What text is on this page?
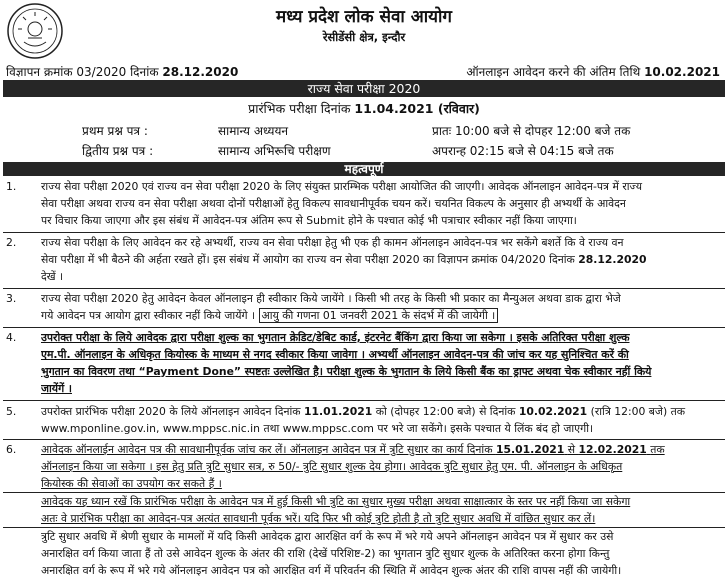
मध्य प्रदेश लोक सेवा आयोग
रेसीडेंसी क्षेत्र, इन्दौर
विज्ञापन क्रमांक 03/2020 दिनांक 28.12.2020	ऑनलाइन आवेदन करने की अंतिम तिथि 10.02.2021
राज्य सेवा परीक्षा 2020
प्रारंभिक परीक्षा दिनांक 11.04.2021 (रविवार)
प्रथम प्रश्न पत्र :	सामान्य अध्ययन	प्रातः 10:00 बजे से दोपहर 12:00 बजे तक
द्वितीय प्रश्न पत्र :	सामान्य अभिरूचि परीक्षण	अपरान्ह 02:15 बजे से 04:15 बजे तक
महत्वपूर्ण
1. राज्य सेवा परीक्षा 2020 एवं राज्य वन सेवा परीक्षा 2020 के लिए संयुक्त प्रारम्भिक परीक्षा आयोजित की जाएगी। आवेदक ऑनलाइन आवेदन-पत्र में राज्य
सेवा परीक्षा अथवा राज्य वन सेवा परीक्षा अथवा दोनों परीक्षाओं हेतु विकल्प सावधानीपूर्वक चयन करें। चयनित विकल्प के अनुसार ही अभ्यर्थी के आवेदन
पर विचार किया जाएगा और इस संबंध में आवेदन-पत्र अंतिम रूप से Submit होने के पश्चात कोई भी पत्राचार स्वीकार नहीं किया जाएगा।
2. राज्य सेवा परीक्षा के लिए आवेदन कर रहे अभ्यर्थी, राज्य वन सेवा परीक्षा हेतु भी एक ही कामन ऑनलाइन आवेदन-पत्र भर सकेंगे बशर्ते कि वे राज्य वन
सेवा परीक्षा में भी बैठने की अर्हता रखते हों। इस संबंध में आयोग का राज्य वन सेवा परीक्षा 2020 का विज्ञापन क्रमांक 04/2020 दिनांक 28.12.2020
देखें ।
3. राज्य सेवा परीक्षा 2020 हेतु आवेदन केवल ऑनलाइन ही स्वीकार किये जायेंगे । किसी भी तरह के किसी भी प्रकार का मैन्युअल अथवा डाक द्वारा भेजे
गये आवेदन पत्र आयोग द्वारा स्वीकार नहीं किये जायेंगे । आयु की गणना 01 जनवरी 2021 के संदर्भ में की जायेगी ।
4. उपरोक्त परीक्षा के लिये आवेदक द्वारा परीक्षा शुल्क का भुगतान क्रेडिट/डेबिट कार्ड, इंटरनेट बैंकिंग द्वारा किया जा सकेगा । इसके अतिरिक्त परीक्षा शुल्क
एम.पी. ऑनलाइन के अधिकृत कियोस्क के माध्यम से नगद स्वीकार किया जावेगा । अभ्यर्थी ऑनलाइन आवेदन-पत्र की जांच कर यह सुनिश्चित करें की
भुगतान का विवरण तथा “Payment Done” स्पष्टतः उल्लेखित है। परीक्षा शुल्क के भुगतान के लिये किसी बैंक का ड्राफ्ट अथवा चेक स्वीकार नहीं किये
जायेंगें ।
5. उपरोक्त प्रारंभिक परीक्षा 2020 के लिये ऑनलाइन आवेदन दिनांक 11.01.2021 को (दोपहर 12:00 बजे) से दिनांक 10.02.2021 (रात्रि 12:00 बजे) तक
www.mponline.gov.in, www.mppsc.nic.in तथा www.mppsc.com पर भरे जा सकेंगे। इसके पश्चात ये लिंक बंद हो जाएगी।
6. आवेदक ऑनलाईन आवेदन पत्र की सावधानीपूर्वक जांच कर लें। ऑनलाइन आवेदन पत्र में त्रुटि सुधार का कार्य दिनांक 15.01.2021 से 12.02.2021 तक
ऑनलाइन किया जा सकेगा । इस हेतु प्रति त्रुटि सुधार सत्र, रु 50/- त्रुटि सुधार शुल्क देय होगा। आवेदक त्रुटि सुधार हेतु एम. पी. ऑनलाइन के अधिकृत
कियोस्क की सेवाओं का उपयोग कर सकते हैं ।
आवेदक यह ध्यान रखें कि प्रारंभिक परीक्षा के आवेदन पत्र में हुई किसी भी त्रुटि का सुधार मुख्य परीक्षा अथवा साक्षात्कार के स्तर पर नहीं किया जा सकेगा
अतः वे प्रारंभिक परीक्षा का आवेदन-पत्र अत्यंत सावधानी पूर्वक भरें। यदि फिर भी कोई त्रुटि होती है तो त्रुटि सुधार अवधि में वांछित सुधार कर लें।
त्रुटि सुधार अवधि में श्रेणी सुधार के मामलों में यदि किसी आवेदक द्वारा आरक्षित वर्ग के रूप में भरे गये अपने ऑनलाइन आवेदन पत्र में सुधार कर उसे
अनारक्षित वर्ग किया जाता हैं तो उसे आवेदन शुल्क के अंतर की राशि (देखें परिशिष्ट-2) का भुगतान त्रुटि सुधार शुल्क के अतिरिक्त करना होगा किन्तु
अनारक्षित वर्ग के रूप में भरे गये ऑनलाइन आवेदन पत्र को आरक्षित वर्ग में परिवर्तन की स्थिति में आवेदन शुल्क अंतर की राशि वापस नहीं की जायेगी।
